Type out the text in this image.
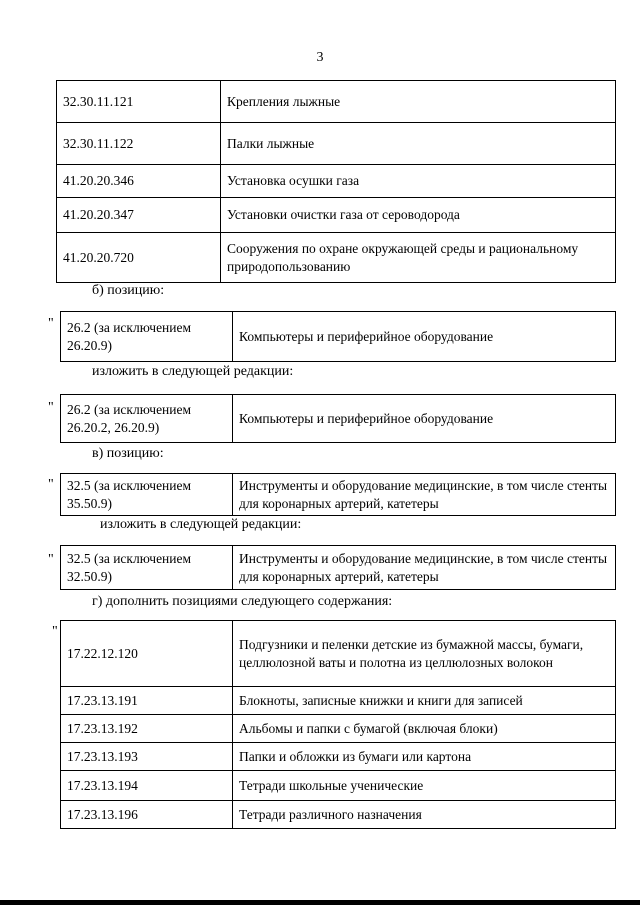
3
32.30.11.121	Крепления лыжные
32.30.11.122	Палки лыжные
41.20.20.346	Установка осушки газа
41.20.20.347	Установки очистки газа от сероводорода
41.20.20.720	Сооружения по охране окружающей среды и рациональному природопользованию
б) позицию:
" 26.2 (за исключением 26.20.9)	Компьютеры и периферийное оборудование
изложить в следующей редакции:
" 26.2 (за исключением 26.20.2, 26.20.9)	Компьютеры и периферийное оборудование
в) позицию:
" 32.5 (за исключением 35.50.9)	Инструменты и оборудование медицинские, в том числе стенты для коронарных артерий, катетеры
изложить в следующей редакции:
" 32.5 (за исключением 32.50.9)	Инструменты и оборудование медицинские, в том числе стенты для коронарных артерий, катетеры
г) дополнить позициями следующего содержания:
"
17.22.12.120	Подгузники и пеленки детские из бумажной массы, бумаги, целлюлозной ваты и полотна из целлюлозных волокон
17.23.13.191	Блокноты, записные книжки и книги для записей
17.23.13.192	Альбомы и папки с бумагой (включая блоки)
17.23.13.193	Папки и обложки из бумаги или картона
17.23.13.194	Тетради школьные ученические
17.23.13.196	Тетради различного назначения
